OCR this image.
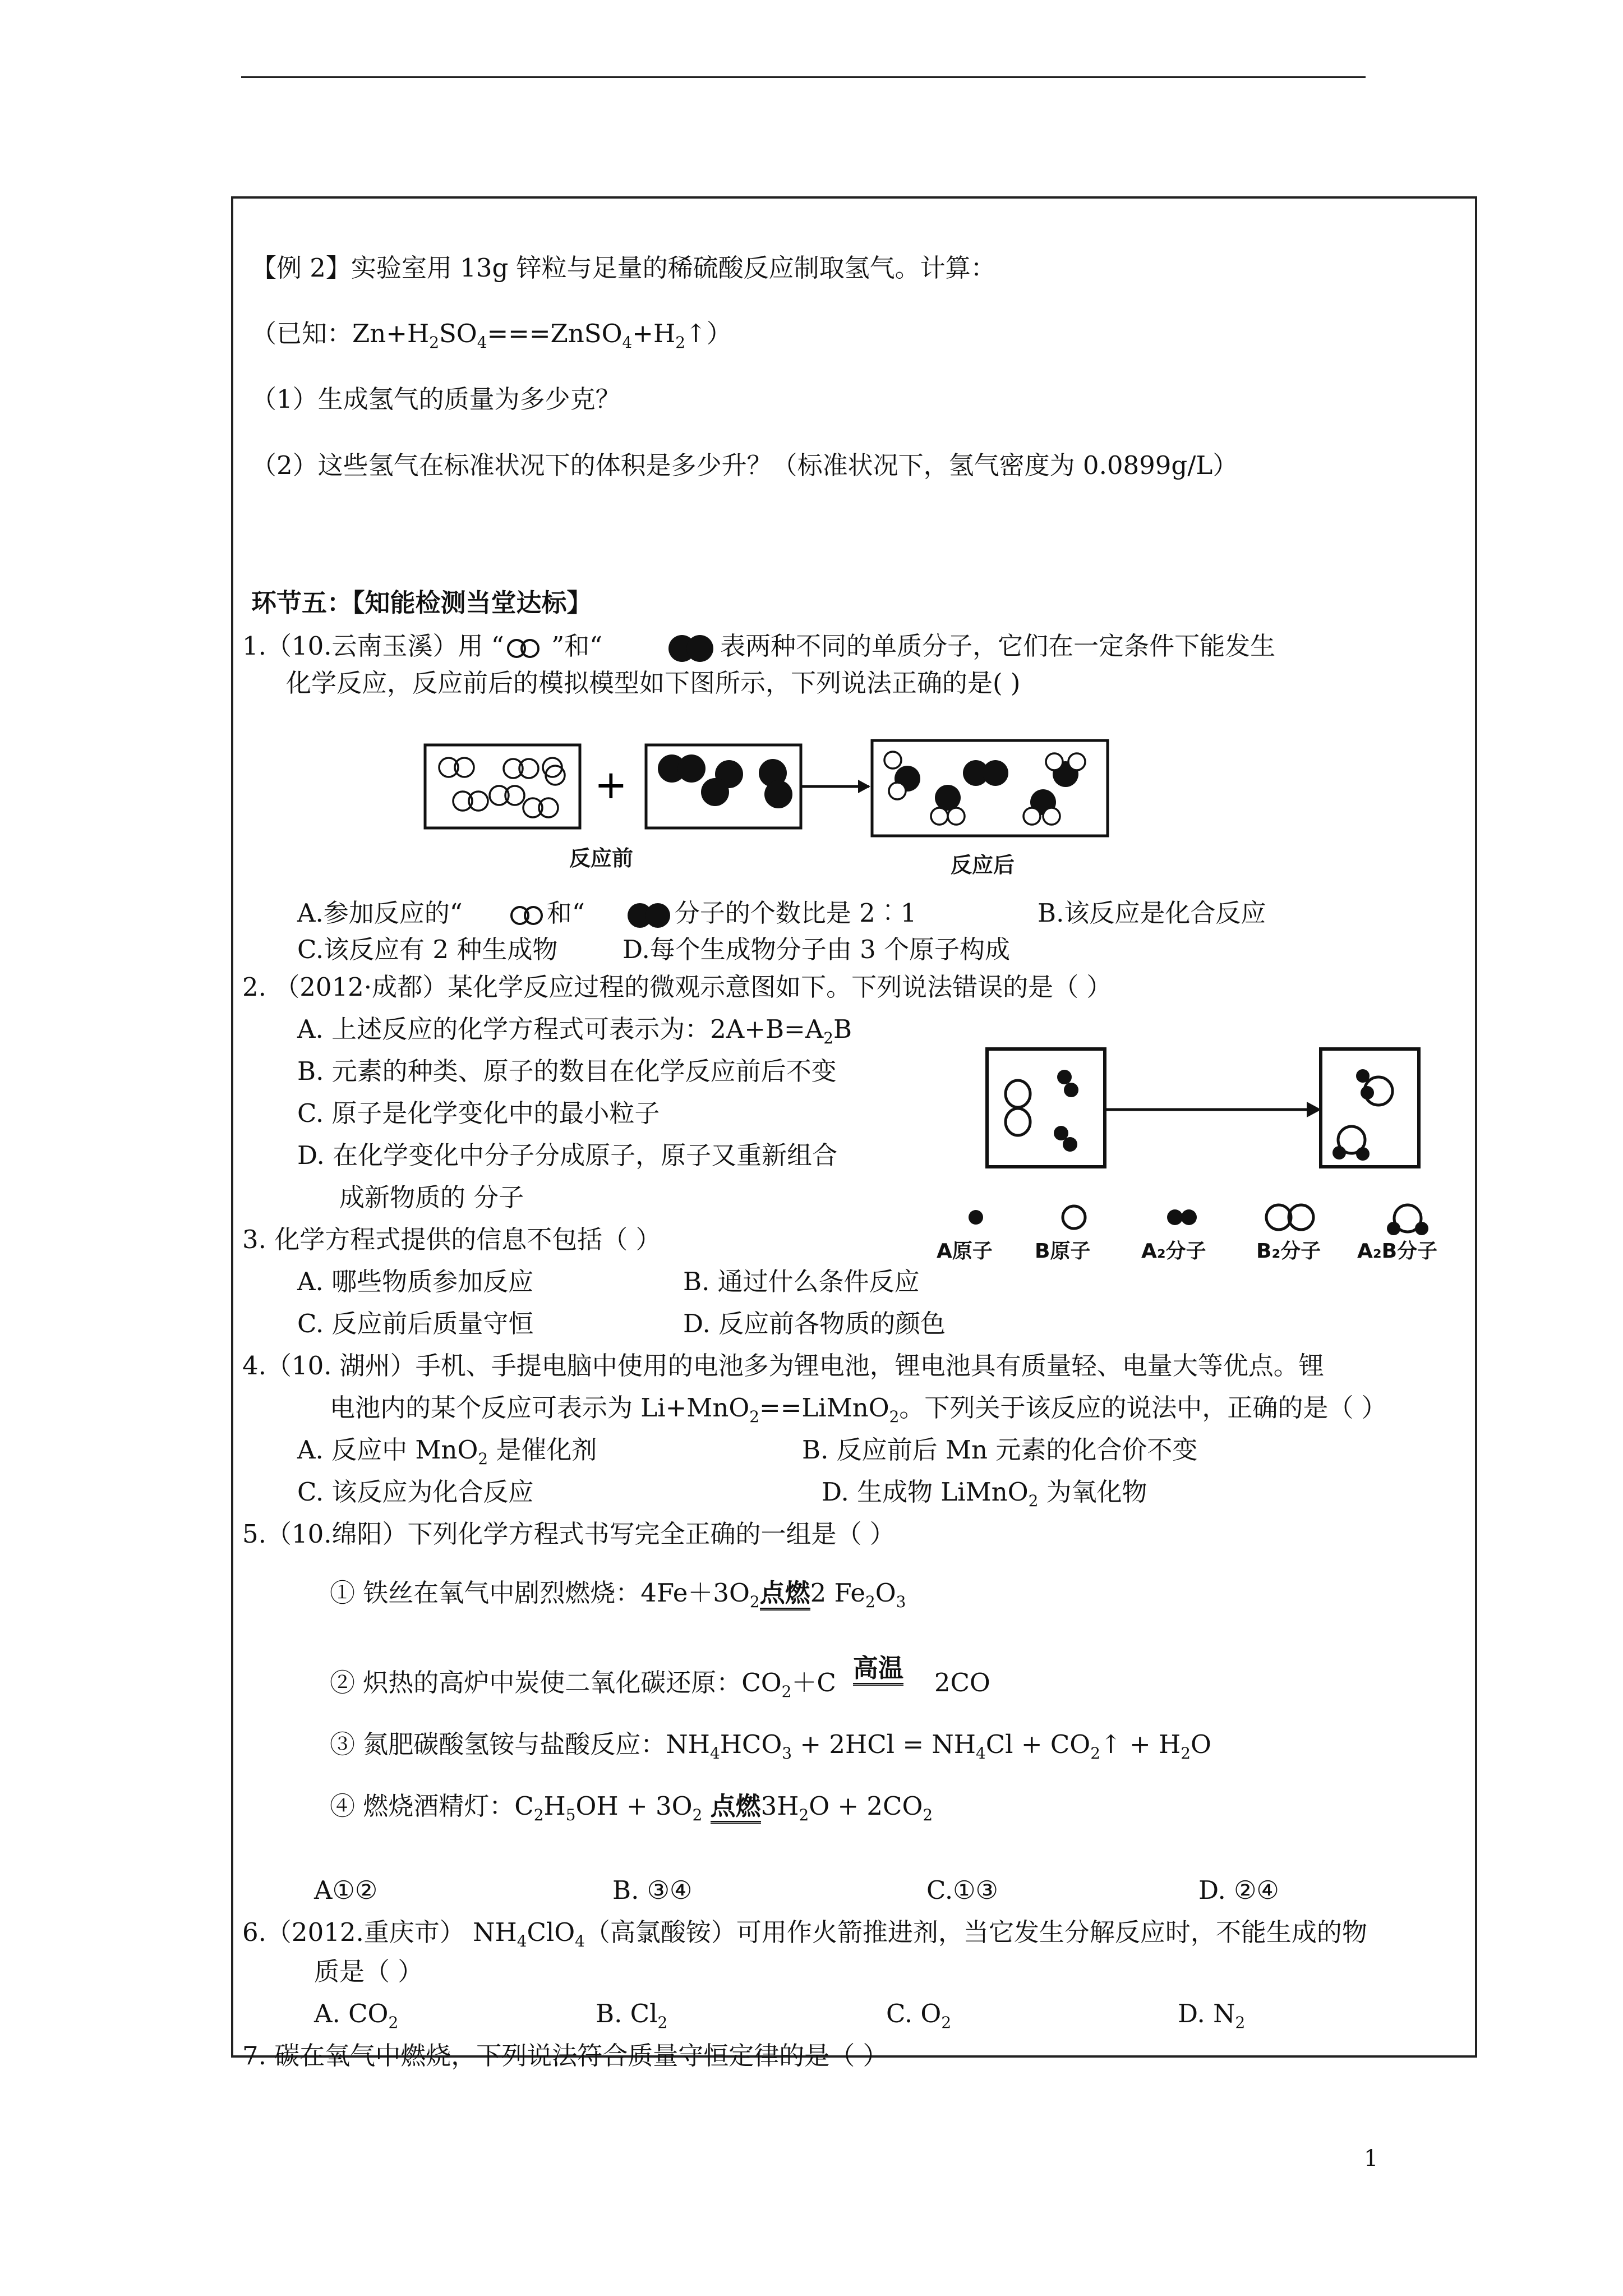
【例 2】实验室用 13g 锌粒与足量的稀硫酸反应制取氢气。计算：
（已知：$Zn+H_2SO_4===ZnSO_4+H_2↑$）
（1）生成氢气的质量为多少克？
（2）这些氢气在标准状况下的体积是多少升？（标准状况下，氢气密度为 0.0899g/L）
环节五：【知能检测当堂达标】
1.（10.云南玉溪）用 “ ”和“	表两种不同的单质分子，它们在一定条件下能发生
化学反应，反应前后的模拟模型如下图所示，下列说法正确的是( )
+
反应前	反应后
A.参加反应的“	和“	分子的个数比是 2︰1	B.该反应是化合反应
C.该反应有 2 种生成物	D.每个生成物分子由 3 个原子构成
2. （2012·成都）某化学反应过程的微观示意图如下。下列说法错误的是（ ）
A. 上述反应的化学方程式可表示为：$2A+B=A_2B$
B. 元素的种类、原子的数目在化学反应前后不变
C. 原子是化学变化中的最小粒子
D. 在化学变化中分子分成原子，原子又重新组合
成新物质的 分子
A原子 B原子	A₂分子 B₂分子 A₂B分子
3. 化学方程式提供的信息不包括（ ）
A. 哪些物质参加反应	B. 通过什么条件反应
C. 反应前后质量守恒	D. 反应前各物质的颜色
4.（10. 湖州）手机、手提电脑中使用的电池多为锂电池，锂电池具有质量轻、电量大等优点。锂
电池内的某个反应可表示为 Li+MnO$_2$==LiMnO$_2$。下列关于该反应的说法中，正确的是（ ）
A. 反应中 MnO$_2$ 是催化剂	B. 反应前后 Mn 元素的化合价不变
C. 该反应为化合反应	D. 生成物 LiMnO$_2$ 为氧化物
5.（10.绵阳）下列化学方程式书写完全正确的一组是（ ）
① 铁丝在氧气中剧烈燃烧：$4Fe+3O_2$点燃2 $Fe_2O_3$
② 炽热的高炉中炭使二氧化碳还原：$CO_2+C$ 高温 2CO
③ 氮肥碳酸氢铵与盐酸反应：$NH_4HCO_3 + 2HCl = NH_4Cl$ + $CO_2↑ + H_2O$
④ 燃烧酒精灯：$C_2H_5OH + 3O_2$ 点燃$3H_2O + 2CO_2$
A①②	B. ③④	C.①③	D. ②④
6.（2012.重庆市） $NH_4ClO_4$（高氯酸铵）可用作火箭推进剂，当它发生分解反应时，不能生成的物
质是（ ）
A. $CO_2$	B. $Cl_2$	C. $O_2$	D. $N_2$
7. 碳在氧气中燃烧，下列说法符合质量守恒定律的是（ ）
1
